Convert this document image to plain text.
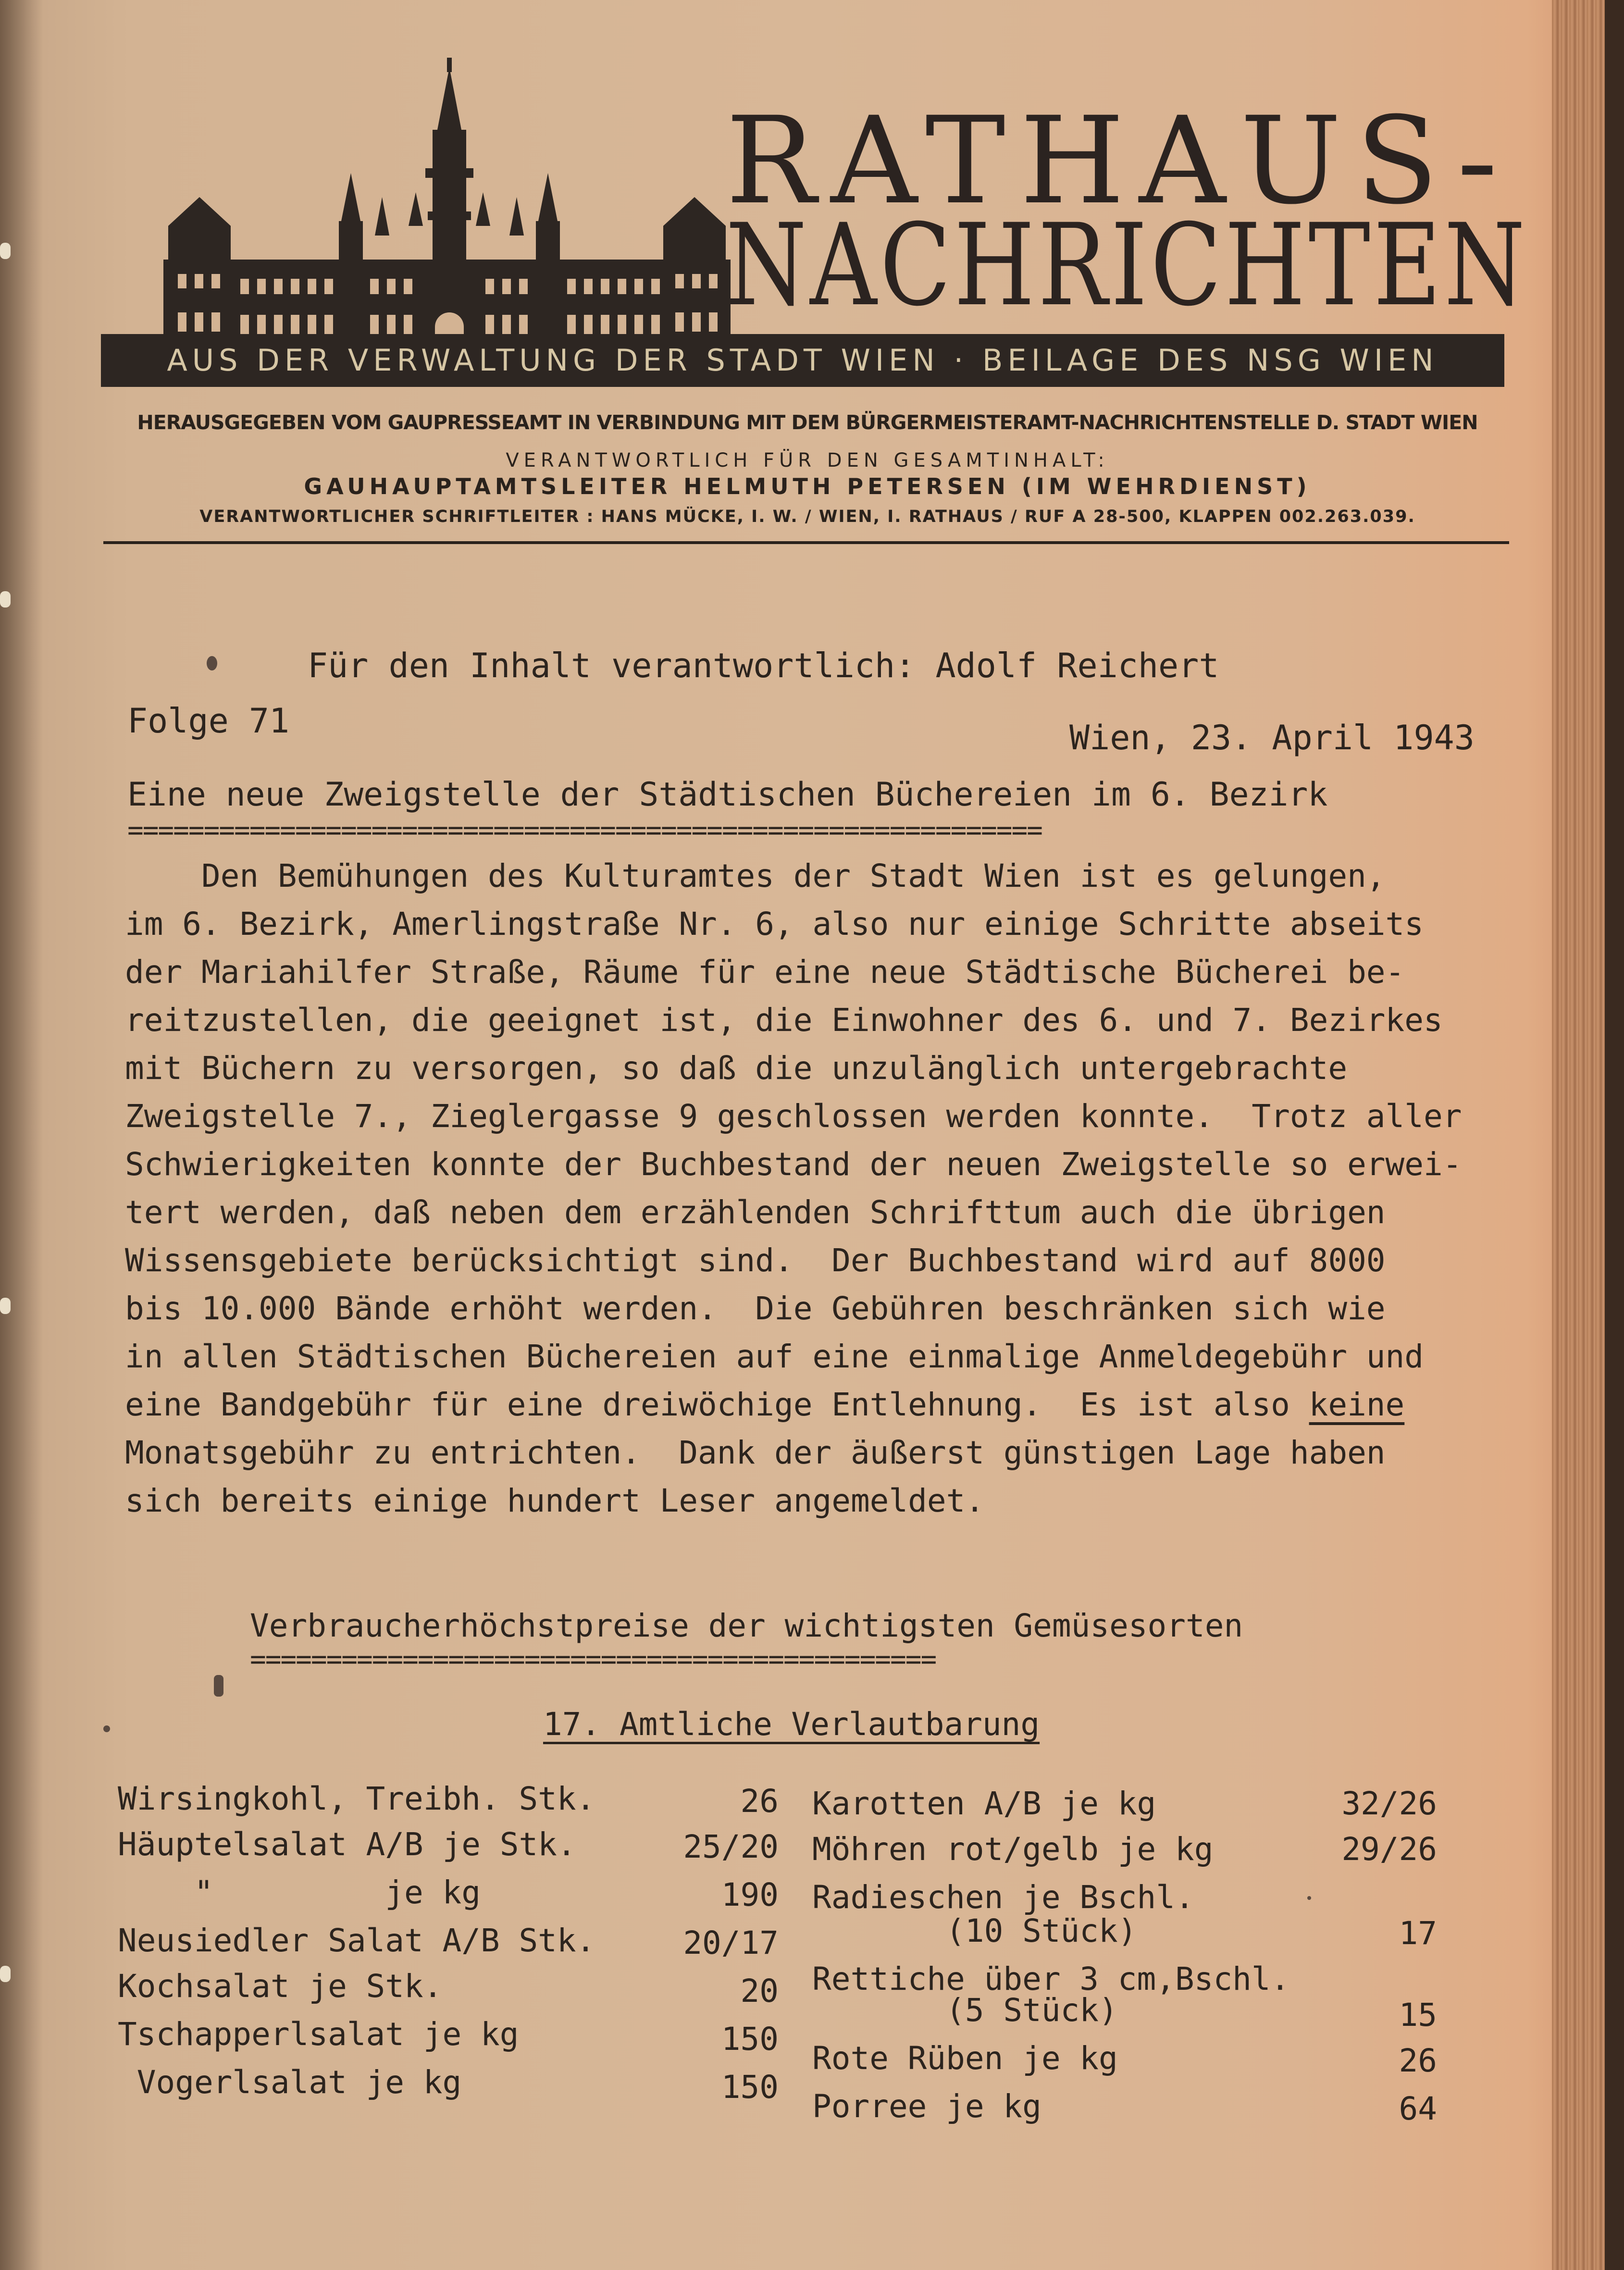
RATHAUS-
NACHRICHTEN
AUS DER VERWALTUNG DER STADT WIEN · BEILAGE DES NSG WIEN
HERAUSGEGEBEN VOM GAUPRESSEAMT IN VERBINDUNG MIT DEM BÜRGERMEISTERAMT-NACHRICHTENSTELLE D. STADT WIEN
VERANTWORTLICH FÜR DEN GESAMTINHALT:
GAUHAUPTAMTSLEITER HELMUTH PETERSEN (IM WEHRDIENST)
VERANTWORTLICHER SCHRIFTLEITER : HANS MÜCKE, I. W. / WIEN, I. RATHAUS / RUF A 28-500, KLAPPEN 002.263.039.
Für den Inhalt verantwortlich: Adolf Reichert
Folge 71	Wien, 23. April 1943
Eine neue Zweigstelle der Städtischen Büchereien im 6. Bezirk
============================================================
Den Bemühungen des Kulturamtes der Stadt Wien ist es gelungen,
im 6. Bezirk, Amerlingstraße Nr. 6, also nur einige Schritte abseits
der Mariahilfer Straße, Räume für eine neue Städtische Bücherei be-
reitzustellen, die geeignet ist, die Einwohner des 6. und 7. Bezirkes
mit Büchern zu versorgen, so daß die unzulänglich untergebrachte
Zweigstelle 7., Zieglergasse 9 geschlossen werden konnte.  Trotz aller
Schwierigkeiten konnte der Buchbestand der neuen Zweigstelle so erwei-
tert werden, daß neben dem erzählenden Schrifttum auch die übrigen
Wissensgebiete berücksichtigt sind.  Der Buchbestand wird auf 8000
bis 10.000 Bände erhöht werden.  Die Gebühren beschränken sich wie
in allen Städtischen Büchereien auf eine einmalige Anmeldegebühr und
eine Bandgebühr für eine dreiwöchige Entlehnung.  Es ist also keine
Monatsgebühr zu entrichten.  Dank der äußerst günstigen Lage haben
sich bereits einige hundert Leser angemeldet.
Verbraucherhöchstpreise der wichtigsten Gemüsesorten
=============================================
17. Amtliche Verlautbarung
Wirsingkohl, Treibh. Stk.	26
Häuptelsalat A/B je Stk.	25/20
"         je kg	190
Neusiedler Salat A/B Stk.	20/17
Kochsalat je Stk.	20
Tschapperlsalat je kg	150
Vogerlsalat je kg	150
Karotten A/B je kg	32/26
Möhren rot/gelb je kg	29/26
Radieschen je Bschl.
(10 Stück)	17
Rettiche über 3 cm,Bschl.
(5 Stück)	15
Rote Rüben je kg	26
Porree je kg	64
